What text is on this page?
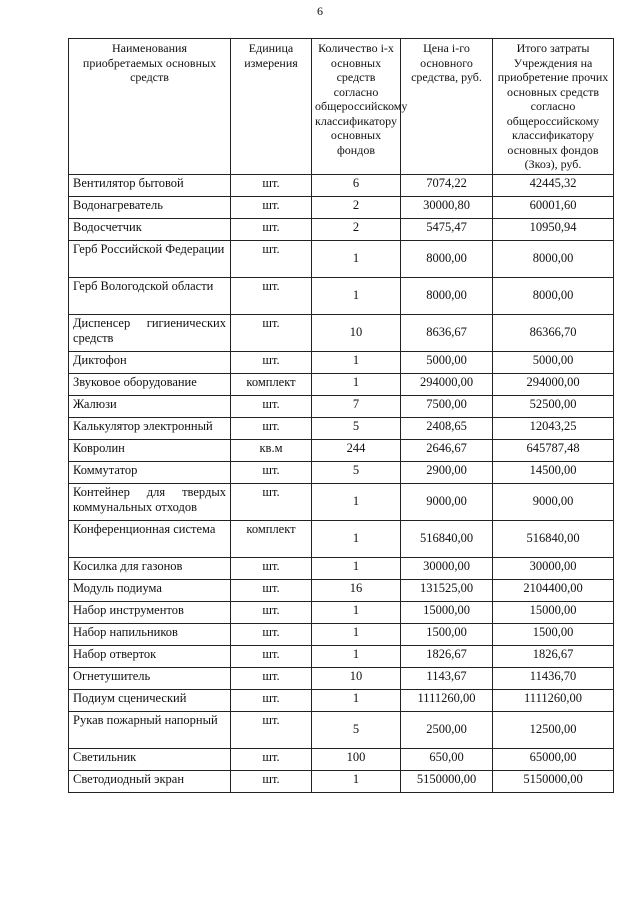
6
Наименования приобретаемых основных средств	Единица измерения	Количество i-х основных средств согласно общероссийскому классификатору основных фондов	Цена i-го основного средства, руб.	Итого затраты Учреждения на приобретение прочих основных средств согласно общероссийскому классификатору основных фондов (Зкоз), руб.
Вентилятор бытовой	шт.	6	7074,22	42445,32
Водонагреватель	шт.	2	30000,80	60001,60
Водосчетчик	шт.	2	5475,47	10950,94
Герб Российской Федерации	шт.	1	8000,00	8000,00
Герб Вологодской области	шт.	1	8000,00	8000,00
Диспенсер гигиенических средств	шт.	10	8636,67	86366,70
Диктофон	шт.	1	5000,00	5000,00
Звуковое оборудование	комплект	1	294000,00	294000,00
Жалюзи	шт.	7	7500,00	52500,00
Калькулятор электронный	шт.	5	2408,65	12043,25
Ковролин	кв.м	244	2646,67	645787,48
Коммутатор	шт.	5	2900,00	14500,00
Контейнер для твердых коммунальных отходов	шт.	1	9000,00	9000,00
Конференционная система	комплект	1	516840,00	516840,00
Косилка для газонов	шт.	1	30000,00	30000,00
Модуль подиума	шт.	16	131525,00	2104400,00
Набор инструментов	шт.	1	15000,00	15000,00
Набор напильников	шт.	1	1500,00	1500,00
Набор отверток	шт.	1	1826,67	1826,67
Огнетушитель	шт.	10	1143,67	11436,70
Подиум сценический	шт.	1	1111260,00	1111260,00
Рукав пожарный напорный	шт.	5	2500,00	12500,00
Светильник	шт.	100	650,00	65000,00
Светодиодный экран	шт.	1	5150000,00	5150000,00
